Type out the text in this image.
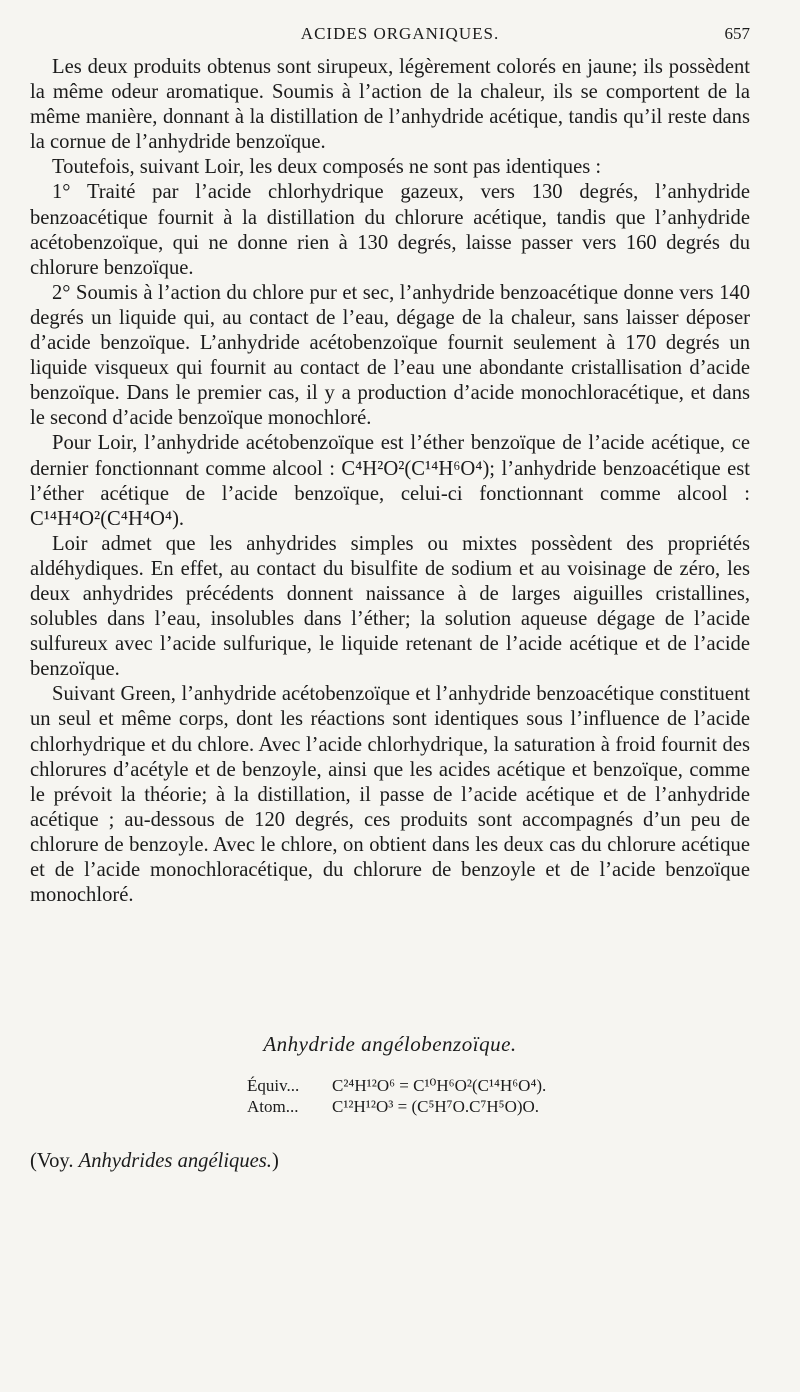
ACIDES ORGANIQUES.	657

Les deux produits obtenus sont sirupeux, légèrement colorés en jaune; ils possèdent la même odeur aromatique. Soumis à l’action de la chaleur, ils se comportent de la même manière, donnant à la distillation de l’anhydride acétique, tandis qu’il reste dans la cornue de l’anhydride benzoïque.

Toutefois, suivant Loir, les deux composés ne sont pas identiques :

1° Traité par l’acide chlorhydrique gazeux, vers 130 degrés, l’anhydride benzoacétique fournit à la distillation du chlorure acétique, tandis que l’anhydride acétobenzoïque, qui ne donne rien à 130 degrés, laisse passer vers 160 degrés du chlorure benzoïque.

2° Soumis à l’action du chlore pur et sec, l’anhydride benzoacétique donne vers 140 degrés un liquide qui, au contact de l’eau, dégage de la chaleur, sans laisser déposer d’acide benzoïque. L’anhydride acétobenzoïque fournit seulement à 170 degrés un liquide visqueux qui fournit au contact de l’eau une abondante cristallisation d’acide benzoïque. Dans le premier cas, il y a production d’acide monochloracétique, et dans le second d’acide benzoïque monochloré.

Pour Loir, l’anhydride acétobenzoïque est l’éther benzoïque de l’acide acétique, ce dernier fonctionnant comme alcool : C⁴H²O²(C¹⁴H⁶O⁴); l’anhydride benzoacétique est l’éther acétique de l’acide benzoïque, celui-ci fonctionnant comme alcool : C¹⁴H⁴O²(C⁴H⁴O⁴).

Loir admet que les anhydrides simples ou mixtes possèdent des propriétés aldéhydiques. En effet, au contact du bisulfite de sodium et au voisinage de zéro, les deux anhydrides précédents donnent naissance à de larges aiguilles cristallines, solubles dans l’eau, insolubles dans l’éther; la solution aqueuse dégage de l’acide sulfureux avec l’acide sulfurique, le liquide retenant de l’acide acétique et de l’acide benzoïque.

Suivant Green, l’anhydride acétobenzoïque et l’anhydride benzoacétique constituent un seul et même corps, dont les réactions sont identiques sous l’influence de l’acide chlorhydrique et du chlore. Avec l’acide chlorhydrique, la saturation à froid fournit des chlorures d’acétyle et de benzoyle, ainsi que les acides acétique et benzoïque, comme le prévoit la théorie; à la distillation, il passe de l’acide acétique et de l’anhydride acétique ; au-dessous de 120 degrés, ces produits sont accompagnés d’un peu de chlorure de benzoyle. Avec le chlore, on obtient dans les deux cas du chlorure acétique et de l’acide monochloracétique, du chlorure de benzoyle et de l’acide benzoïque monochloré.

Anhydride angélobenzoïque.
Équiv...	C²⁴H¹²O⁶ = C¹⁰H⁶O²(C¹⁴H⁶O⁴).
Atom...	C¹²H¹²O³ = (C⁵H⁷O.C⁷H⁵O)O.
(Voy. Anhydrides angéliques.)
